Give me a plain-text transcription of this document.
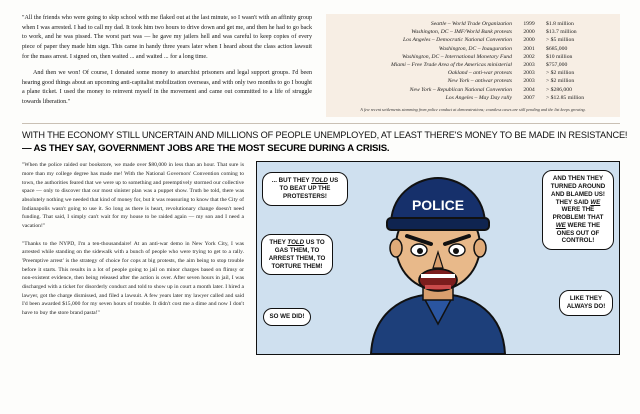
"All the friends who were going to skip school with me flaked out at the last minute, so I wasn't with an affinity group when I was arrested. I had to call my dad. It took him two hours to drive down and get me, and then he had to go back to work, and he was pissed. The worst part was — he gave my jailers hell and was careful to keep copies of every piece of paper they made him sign. This came in handy three years later when I heard about the class action lawsuit for the mass arrest. I signed on, then waited ... and waited ... for a long time.

And then we won! Of course, I donated some money to anarchist prisoners and legal support groups. I'd been hearing good things about an upcoming anti-capitalist mobilization overseas, and with only two months to go I bought a plane ticket. I used the money to reinvent myself in the movement and came out committed to a life of struggle towards liberation."

Seattle – World Trade Organization	1999	$1.8 million
Washington, DC – IMF/World Bank protests	2000	$13.7 million
Los Angeles – Democratic National Convention	2000	> $5 million
Washington, DC – Inauguration	2001	$685,000
Washington, DC – International Monetary Fund	2002	$10 million
Miami – Free Trade Area of the Americas ministerial	2003	$757,000
Oakland – anti-war protests	2003	> $2 million
New York – antiwar protests	2003	> $2 million
New York – Republican National Convention	2004	> $286,000
Los Angeles – May Day rally	2007	> $12.85 million
A few recent settlements stemming from police conduct at demonstrations; countless cases are still pending and the list keeps growing.
WITH THE ECONOMY STILL UNCERTAIN AND MILLIONS OF PEOPLE UNEMPLOYED, AT LEAST THERE'S MONEY TO BE MADE IN RESISTANCE!
— AS THEY SAY, GOVERNMENT JOBS ARE THE MOST SECURE DURING A CRISIS.

"When the police raided our bookstore, we made over $80,000 in less than an hour. That sure is more than my college degree has made me! With the National Governors' Convention coming to town, the authorities feared that we were up to something and preemptively stormed our collective space — only to discover that our most sinister plan was a puppet show. Truth be told, there was absolutely nothing we needed that kind of money for, but it was reassuring to know that the City of Indianapolis wasn't going to use it. So long as there is heart, revolutionary change doesn't need funding. That said, I simply can't wait for my house to be raided again — my son and I need a vacation!"

"Thanks to the NYPD, I'm a ten-thousandaire! At an anti-war demo in New York City, I was arrested while standing on the sidewalk with a bunch of people who were trying to get to a rally. 'Preemptive arrest' is the strategy of choice for cops at big protests, the aim being to stop trouble before it starts. This results in a lot of people going to jail on minor charges based on flimsy or non-existent evidence, then being released after the action is over. After seven hours in jail, I was discharged with a ticket for disorderly conduct and told to show up in court a month later. I hired a lawyer, got the charge dismissed, and filed a lawsuit. A few years later my lawyer called and said I'd been awarded $15,000 for my seven hours of trouble. It didn't cost me a dime and now I don't have to buy the store brand pasta!"

POLICE
... BUT THEY TOLD US TO BEAT UP THE PROTESTERS!
THEY TOLD US TO GAS THEM, TO ARREST THEM, TO TORTURE THEM!
SO WE DID!
AND THEN THEY TURNED AROUND AND BLAMED US! THEY SAID WE WERE THE PROBLEM! THAT WE WERE THE ONES OUT OF CONTROL!
LIKE THEY ALWAYS DO!
